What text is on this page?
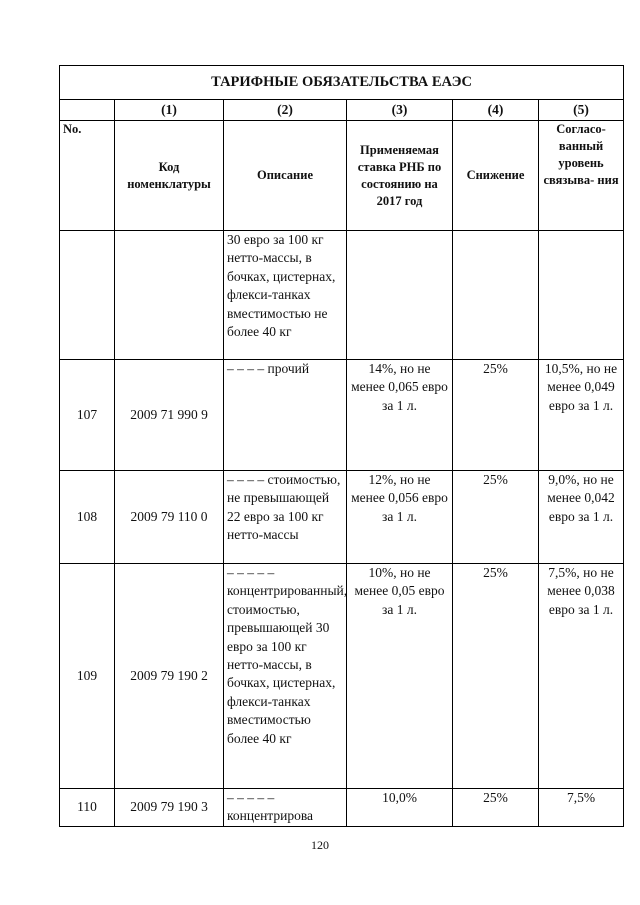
ТАРИФНЫЕ ОБЯЗАТЕЛЬСТВА ЕАЭС					
	(1)	(2)	(3)	(4)	(5)
No.	Код номенклатуры	Описание	Применяемая ставка РНБ по состоянию на 2017 год	Снижение	Согласо- ванный уровень связыва- ния
		30 евро за 100 кг нетто-массы, в бочках, цистернах, флекси-танках вместимостью не более 40 кг			
107	2009 71 990 9	– – – – прочий	14%, но не менее 0,065 евро за 1 л.	25%	10,5%, но не менее 0,049 евро за 1 л.
108	2009 79 110 0	– – – – стоимостью, не превышающей 22 евро за 100 кг нетто-массы	12%, но не менее 0,056 евро за 1 л.	25%	9,0%, но не менее 0,042 евро за 1 л.
109	2009 79 190 2	– – – – – концентрированный, стоимостью, превышающей 30 евро за 100 кг нетто-массы, в бочках, цистернах, флекси-танках вместимостью более 40 кг	10%, но не менее 0,05 евро за 1 л.	25%	7,5%, но не менее 0,038 евро за 1 л.
110	2009 79 190 3	– – – – – концентрирова	10,0%	25%	7,5%
120
